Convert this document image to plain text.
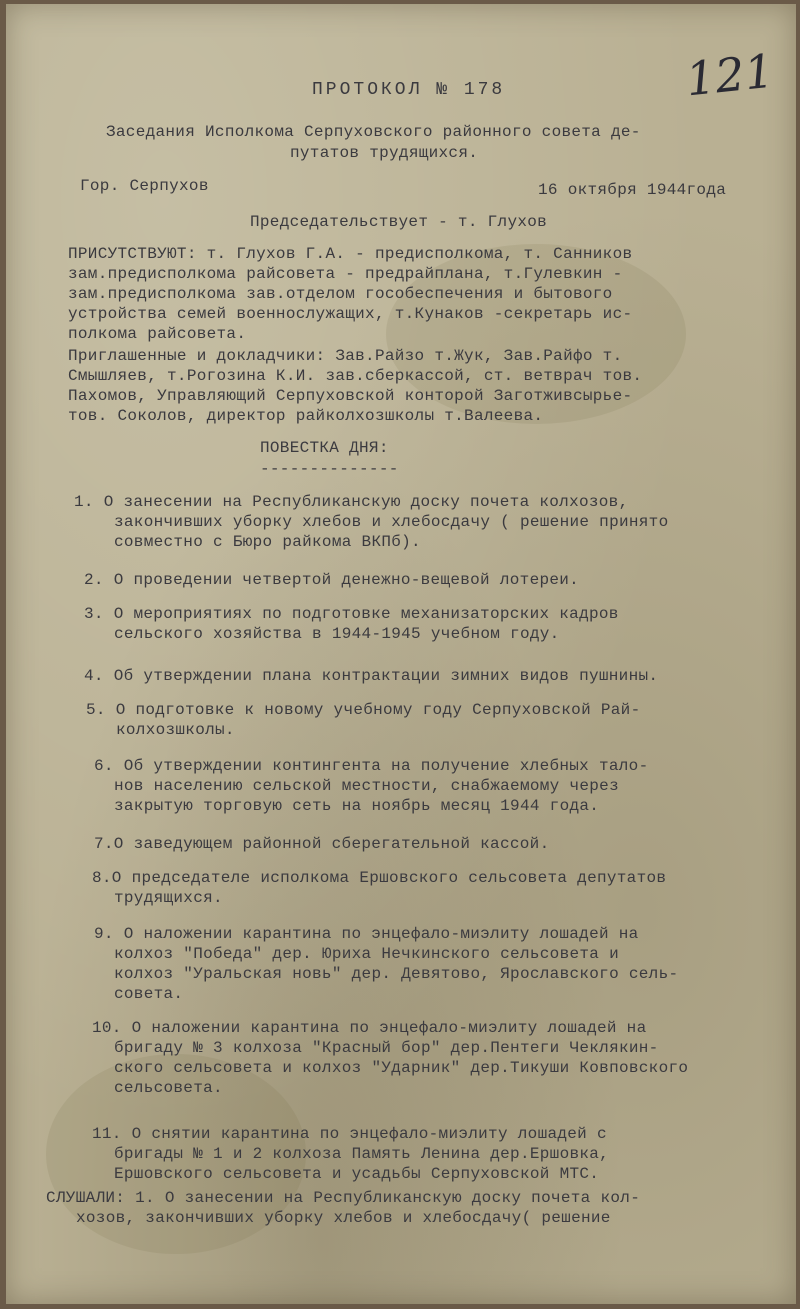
121
ПРОТОКОЛ № 178
Заседания Исполкома Серпуховского районного совета де-
путатов трудящихся.
Гор. Серпухов	16 октября 1944года
Председательствует - т. Глухов
ПРИСУТСТВУЮТ: т. Глухов Г.А. - предисполкома, т. Санников
зам.предисполкома райсовета - предрайплана, т.Гулевкин -
зам.предисполкома зав.отделом гособеспечения и бытового
устройства семей военнослужащих, т.Кунаков -секретарь ис-
полкома райсовета.
Приглашенные и докладчики: Зав.Райзо т.Жук, Зав.Райфо т.
Смышляев, т.Рогозина К.И. зав.сберкассой, ст. ветврач тов.
Пахомов, Управляющий Серпуховской конторой Заготживсырье-
тов. Соколов, директор райколхозшколы т.Валеева.
ПОВЕСТКА ДНЯ:
--------------
1. О занесении на Республиканскую доску почета колхозов,
закончивших уборку хлебов и хлебосдачу ( решение принято
совместно с Бюро райкома ВКПб).
2. О проведении четвертой денежно-вещевой лотереи.
3. О мероприятиях по подготовке механизаторских кадров
сельского хозяйства в 1944-1945 учебном году.
4. Об утверждении плана контрактации зимних видов пушнины.
5. О подготовке к новому учебному году Серпуховской Рай-
колхозшколы.
6. Об утверждении контингента на получение хлебных тало-
нов населению сельской местности, снабжаемому через
закрытую торговую сеть на ноябрь месяц 1944 года.
7.О заведующем районной сберегательной кассой.
8.О председателе исполкома Ершовского сельсовета депутатов
трудящихся.
9. О наложении карантина по энцефало-миэлиту лошадей на
колхоз "Победа" дер. Юриха Нечкинского сельсовета и
колхоз "Уральская новь" дер. Девятово, Ярославского сель-
совета.
10. О наложении карантина по энцефало-миэлиту лошадей на
бригаду № 3 колхоза "Красный бор" дер.Пентеги Чеклякин-
ского сельсовета и колхоз "Ударник" дер.Тикуши Ковповского
сельсовета.
11. О снятии карантина по энцефало-миэлиту лошадей с
бригады № 1 и 2 колхоза Память Ленина дер.Ершовка,
Ершовского сельсовета и усадьбы Серпуховской МТС.
СЛУШАЛИ: 1. О занесении на Республиканскую доску почета кол-
хозов, закончивших уборку хлебов и хлебосдачу( решение
